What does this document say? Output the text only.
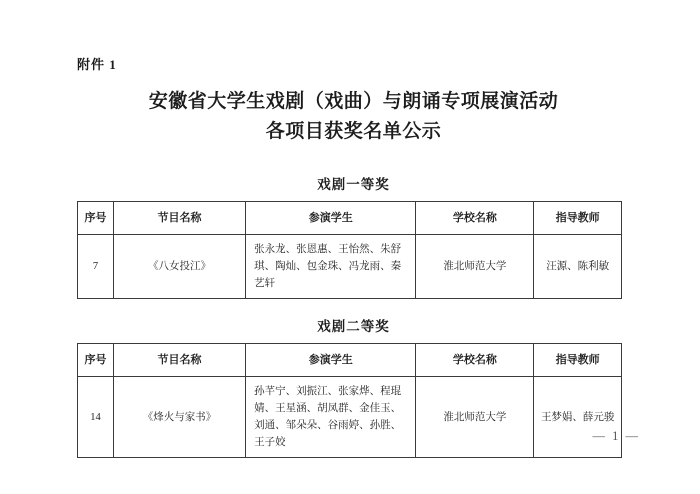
附件 1
安徽省大学生戏剧（戏曲）与朗诵专项展演活动
各项目获奖名单公示
戏剧一等奖
序号	节目名称	参演学生	学校名称	指导教师
7	《八女投江》	张永龙、张恩惠、王怡然、朱舒琪、陶灿、包金珠、冯龙雨、秦艺轩	淮北师范大学	汪源、陈利敏
戏剧二等奖
序号	节目名称	参演学生	学校名称	指导教师
14	《烽火与家书》	孙芊宁、刘振江、张家烨、程琨婧、王星涵、胡凤群、金佳玉、刘通、邹朵朵、谷雨婷、孙胜、王子姣	淮北师范大学	王梦娟、薛元骏
— 1 —
